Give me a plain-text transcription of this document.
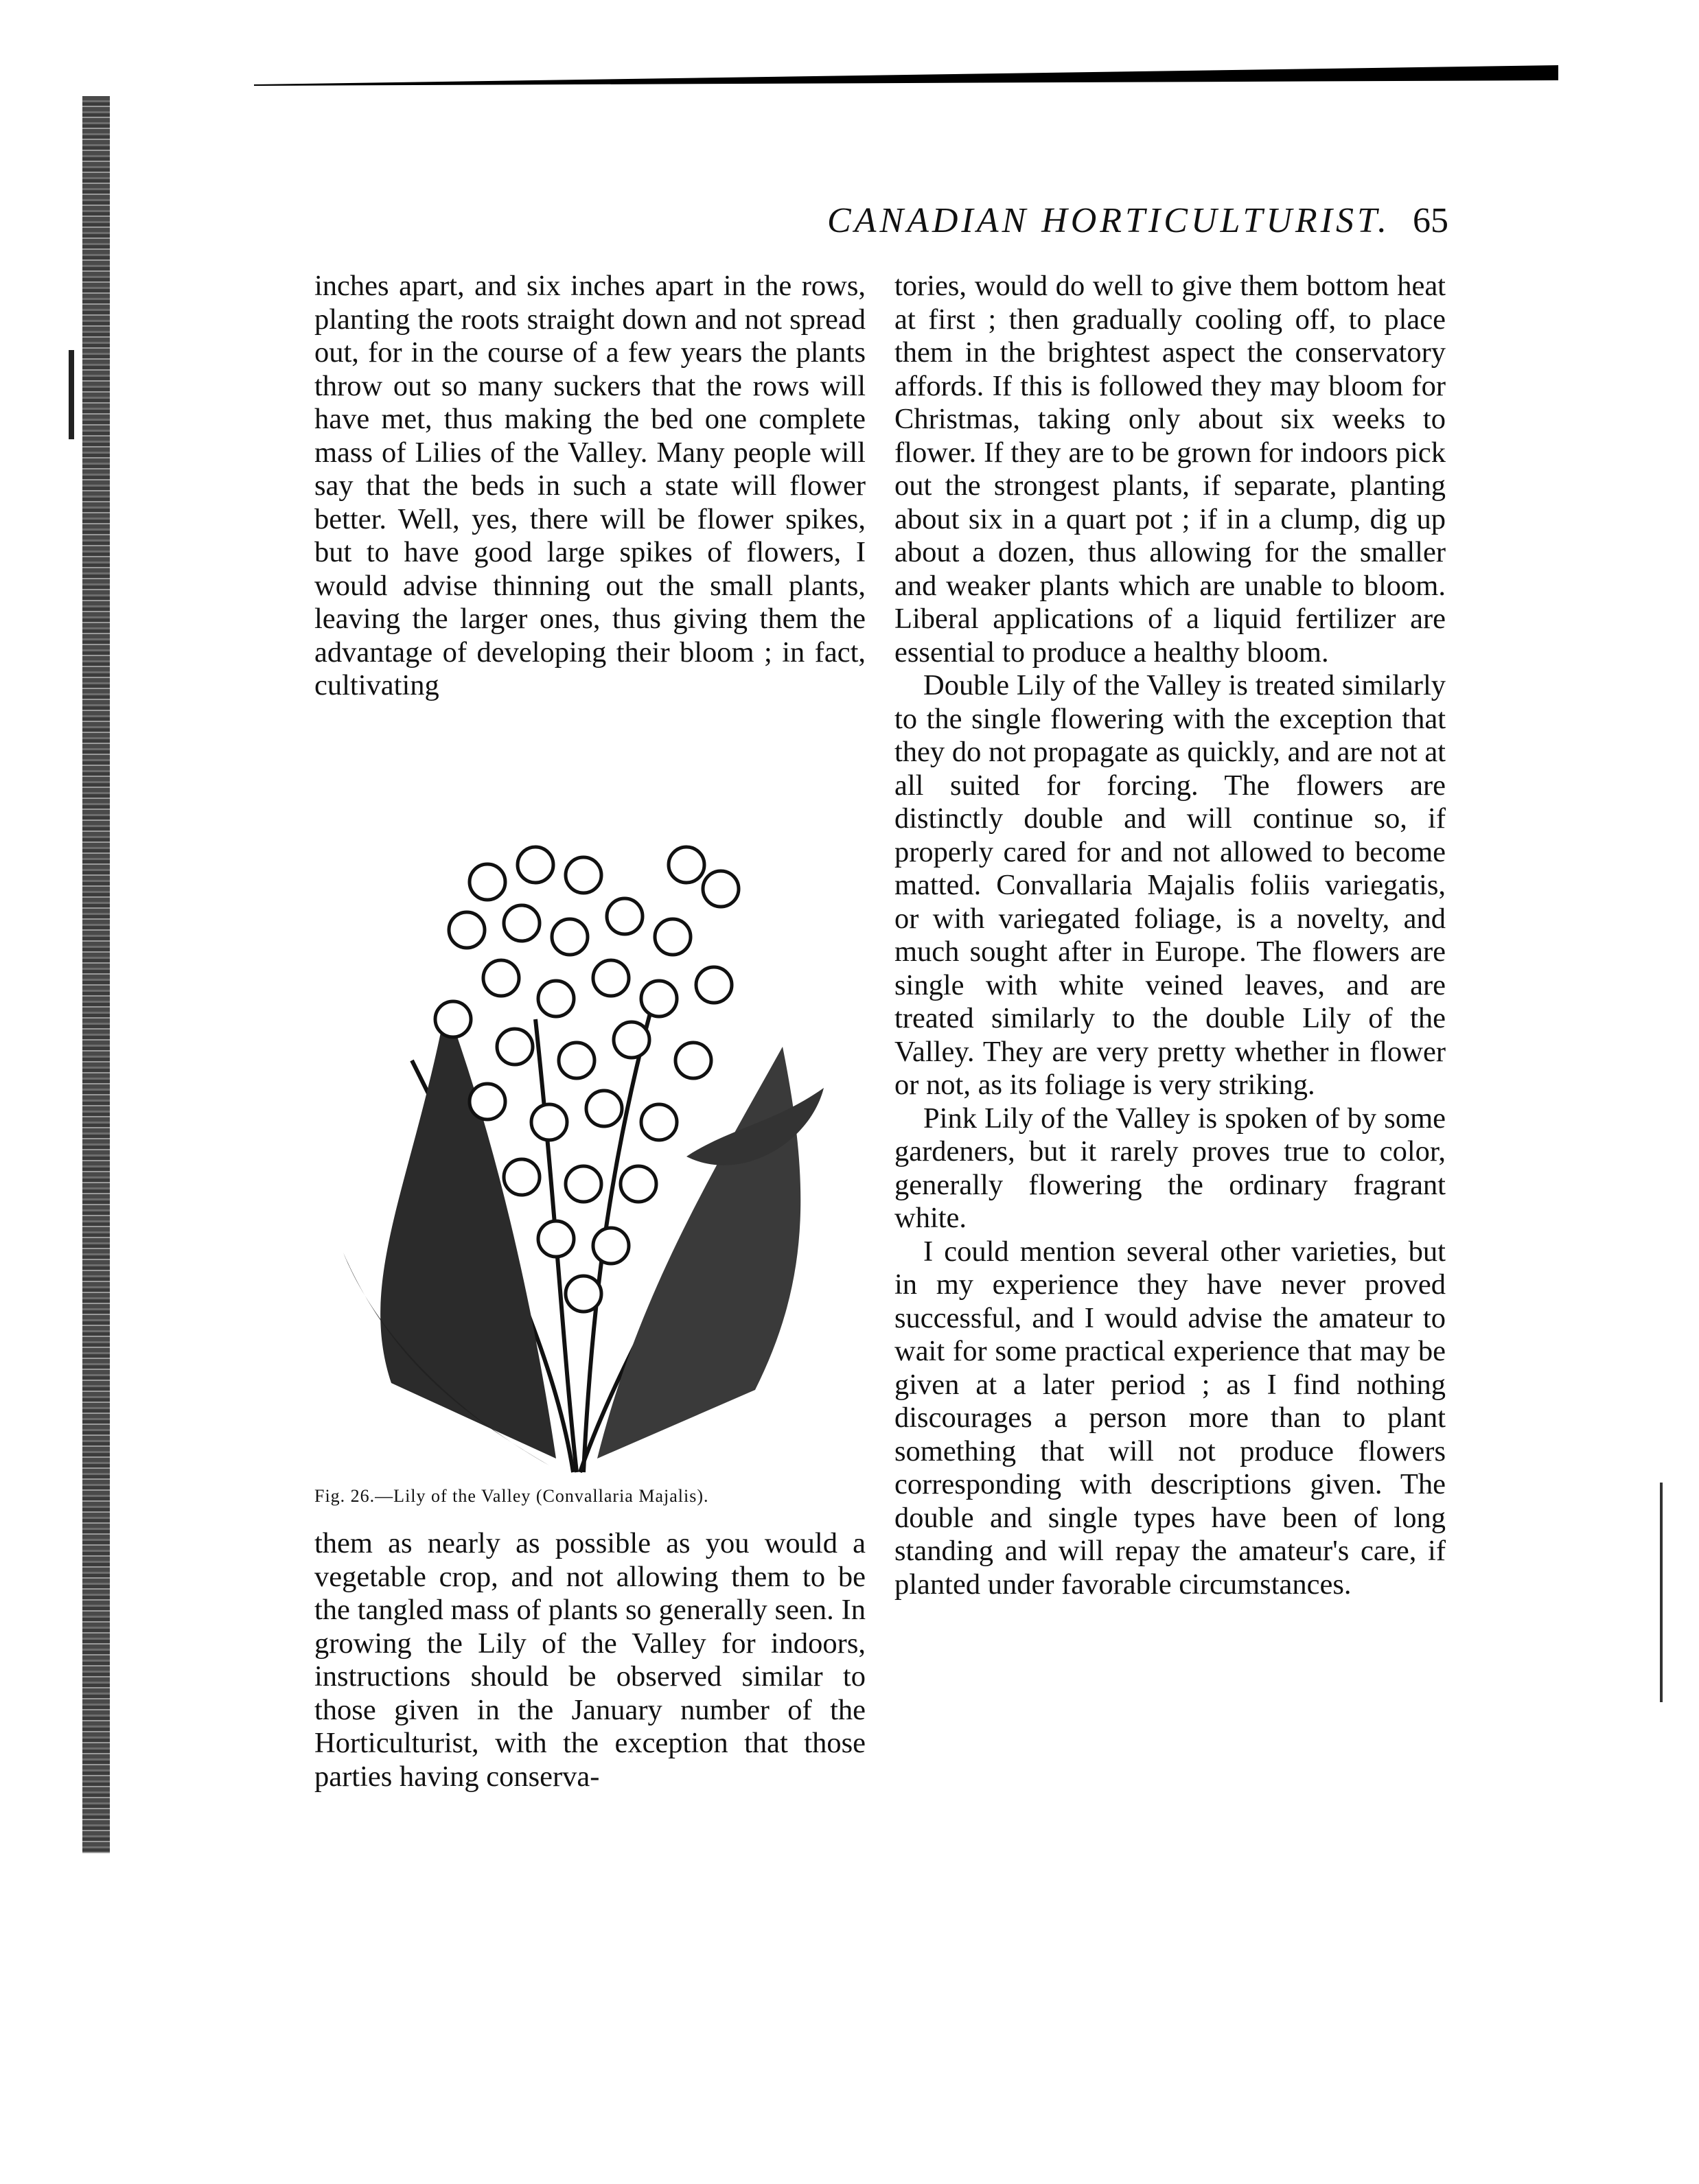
CANADIAN HORTICULTURIST. 65

inches apart, and six inches apart in the rows, planting the roots straight down and not spread out, for in the course of a few years the plants throw out so many suckers that the rows will have met, thus making the bed one complete mass of Lilies of the Valley. Many people will say that the beds in such a state will flower better. Well, yes, there will be flower spikes, but to have good large spikes of flowers, I would advise thinning out the small plants, leaving the larger ones, thus giving them the advantage of developing their bloom ; in fact, cultivating

Fig. 26.—Lily of the Valley (Convallaria Majalis).

them as nearly as possible as you would a vegetable crop, and not allowing them to be the tangled mass of plants so generally seen. In growing the Lily of the Valley for indoors, instructions should be observed similar to those given in the January number of the Horticulturist, with the exception that those parties having conserva-

tories, would do well to give them bottom heat at first ; then gradually cooling off, to place them in the brightest aspect the conservatory affords. If this is followed they may bloom for Christmas, taking only about six weeks to flower. If they are to be grown for indoors pick out the strongest plants, if separate, planting about six in a quart pot ; if in a clump, dig up about a dozen, thus allowing for the smaller and weaker plants which are unable to bloom. Liberal applications of a liquid fertilizer are essential to produce a healthy bloom.

Double Lily of the Valley is treated similarly to the single flowering with the exception that they do not propagate as quickly, and are not at all suited for forcing. The flowers are distinctly double and will continue so, if properly cared for and not allowed to become matted. Convallaria Majalis foliis variegatis, or with variegated foliage, is a novelty, and much sought after in Europe. The flowers are single with white veined leaves, and are treated similarly to the double Lily of the Valley. They are very pretty whether in flower or not, as its foliage is very striking.

Pink Lily of the Valley is spoken of by some gardeners, but it rarely proves true to color, generally flowering the ordinary fragrant white.

I could mention several other varieties, but in my experience they have never proved successful, and I would advise the amateur to wait for some practical experience that may be given at a later period ; as I find nothing discourages a person more than to plant something that will not produce flowers corresponding with descriptions given. The double and single types have been of long standing and will repay the amateur's care, if planted under favorable circumstances.
